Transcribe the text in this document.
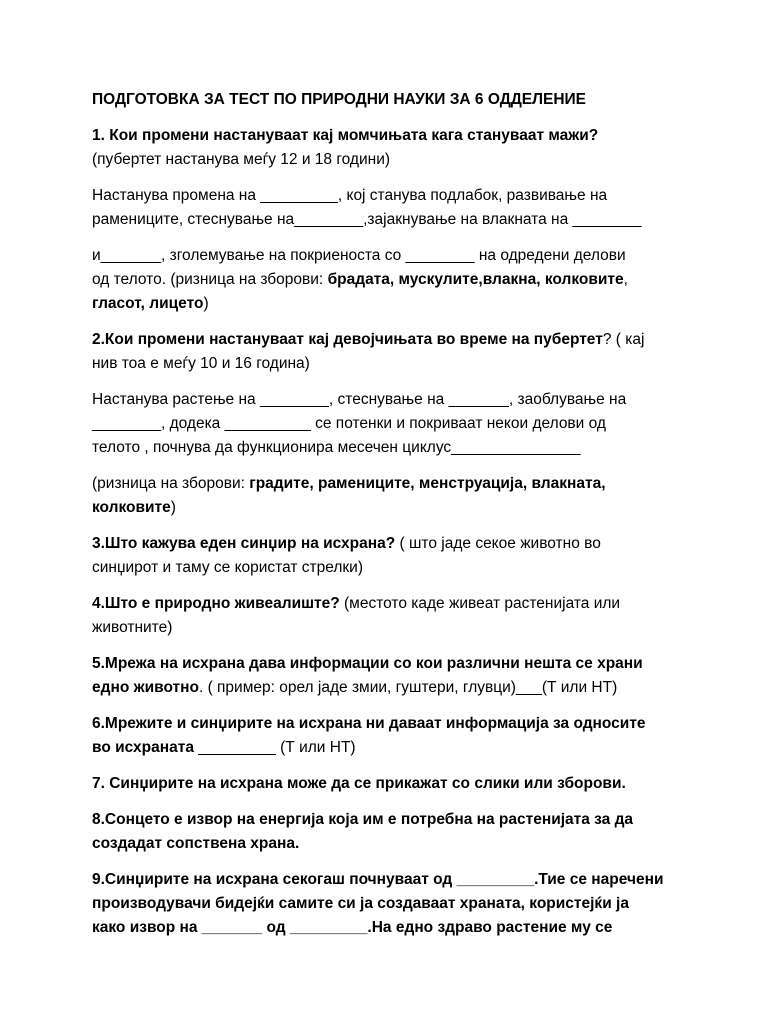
ПОДГОТОВКА ЗА ТЕСТ ПО ПРИРОДНИ НАУКИ ЗА 6 ОДДЕЛЕНИЕ
1. Кои промени настануваат кај момчињата кага стануваат мажи?
(пубертет настанува меѓу 12 и 18 години)
Настанува промена на _________, кој станува подлабок, развивање на
рамениците, стеснување на________,зајакнување на влакната на ________
и_______, зголемување на покриеноста со ________ на одредени делови
од телото. (ризница на зборови: брадата, мускулите,влакна, колковите,
гласот, лицето)
2.Кои промени настануваат кај девојчињата во време на пубертет? ( кај
нив тоа е меѓу 10 и 16 година)
Настанува растење на ________, стеснување на _______, заоблување на
________, додека __________ се потенки и покриваат некои делови од
телото , почнува да функционира месечен циклус_______________
(ризница на зборови: градите, рамениците, менструација, влакната,
колковите)
3.Што кажува еден синџир на исхрана? ( што јаде секое животно во
синџирот и таму се користат стрелки)
4.Што е природно живеалиште? (местото каде живеат растенијата или
животните)
5.Мрежа на исхрана дава информации со кои различни нешта се храни
едно животно. ( пример: орел јаде змии, гуштери, глувци)___(Т или НТ)
6.Мрежите и синџирите на исхрана ни даваат информација за односите
во исхраната _________ (Т или НТ)
7. Синџирите на исхрана може да се прикажат со слики или зборови.
8.Сонцето е извор на енергија која им е потребна на растенијата за да
создадат сопствена храна.
9.Синџирите на исхрана секогаш почнуваат од _________.Тие се наречени
производувачи бидејќи самите си ја создаваат храната, користејќи ја
како извор на _______ од _________.На едно здраво растение му се
